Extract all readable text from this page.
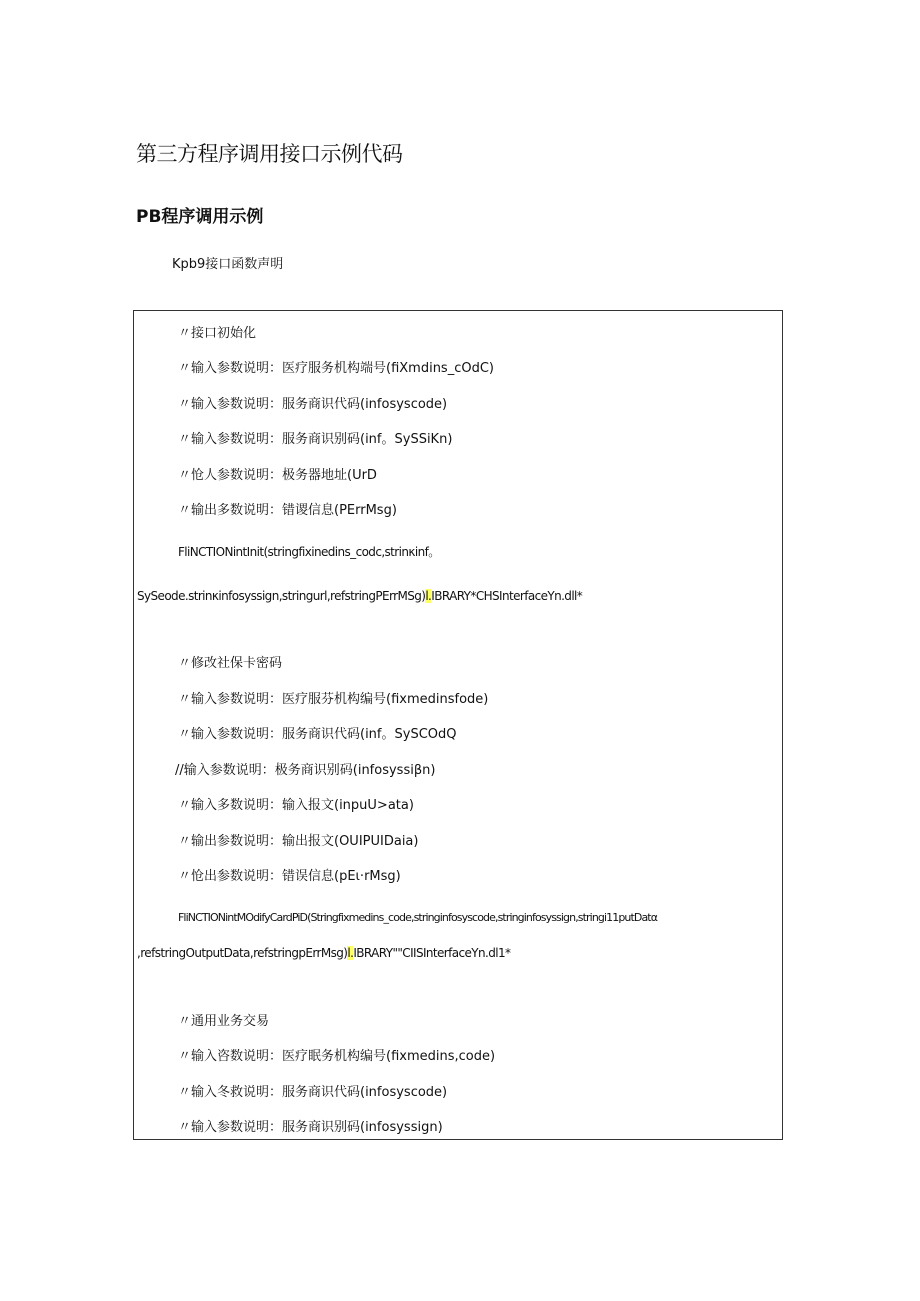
第三方程序调用接口示例代码
PB程序调用示例
Kpb9接口函数声明
〃接口初始化
〃输入参数说明：医疗服务机构端号(fiXmdins_cOdC)
〃输入参数说明：服务商识代码(infosyscode)
〃输入参数说明：服务商识别码(inf。SySSiKn)
〃怆人参数说明：极务器地址(UrD
〃输出多数说明：错谡信息(PErrMsg)
FliNCTIONintInit(stringfixinedins_codc,strinκinf。
SySeode.strinκinfosyssign,stringurl,refstringPErrMSg)l.IBRARY*CHSInterfaceYn.dll*
〃修改社保卡密码
〃输入参数说明：医疗服芬机构编号(fixmedinsfode)
〃输入参数说明：服务商识代码(inf。SySCOdQ
//输入参数说明：极务商识别码(infosyssiβn)
〃输入多数说明：输入报文(inpuU>ata)
〃输出参数说明：输出报文(OUIPUIDaia)
〃怆出参数说明：错误信息(pEι·rMsg)
FliNCTIONintMOdifyCardPiD(Stringfixmedins_code,stringinfosyscode,stringinfosyssign,stringi11putDatα
,refstringOutputData,refstringpErrMsg)l.IBRARY""CIISInterfaceYn.dl1*
〃通用业务交易
〃输入咨数说明：医疗眠务机构编号(fixmedins,code)
〃输入冬救说明：服务商识代码(infosyscode)
〃输入参数说明：服务商识别码(infosyssign)
